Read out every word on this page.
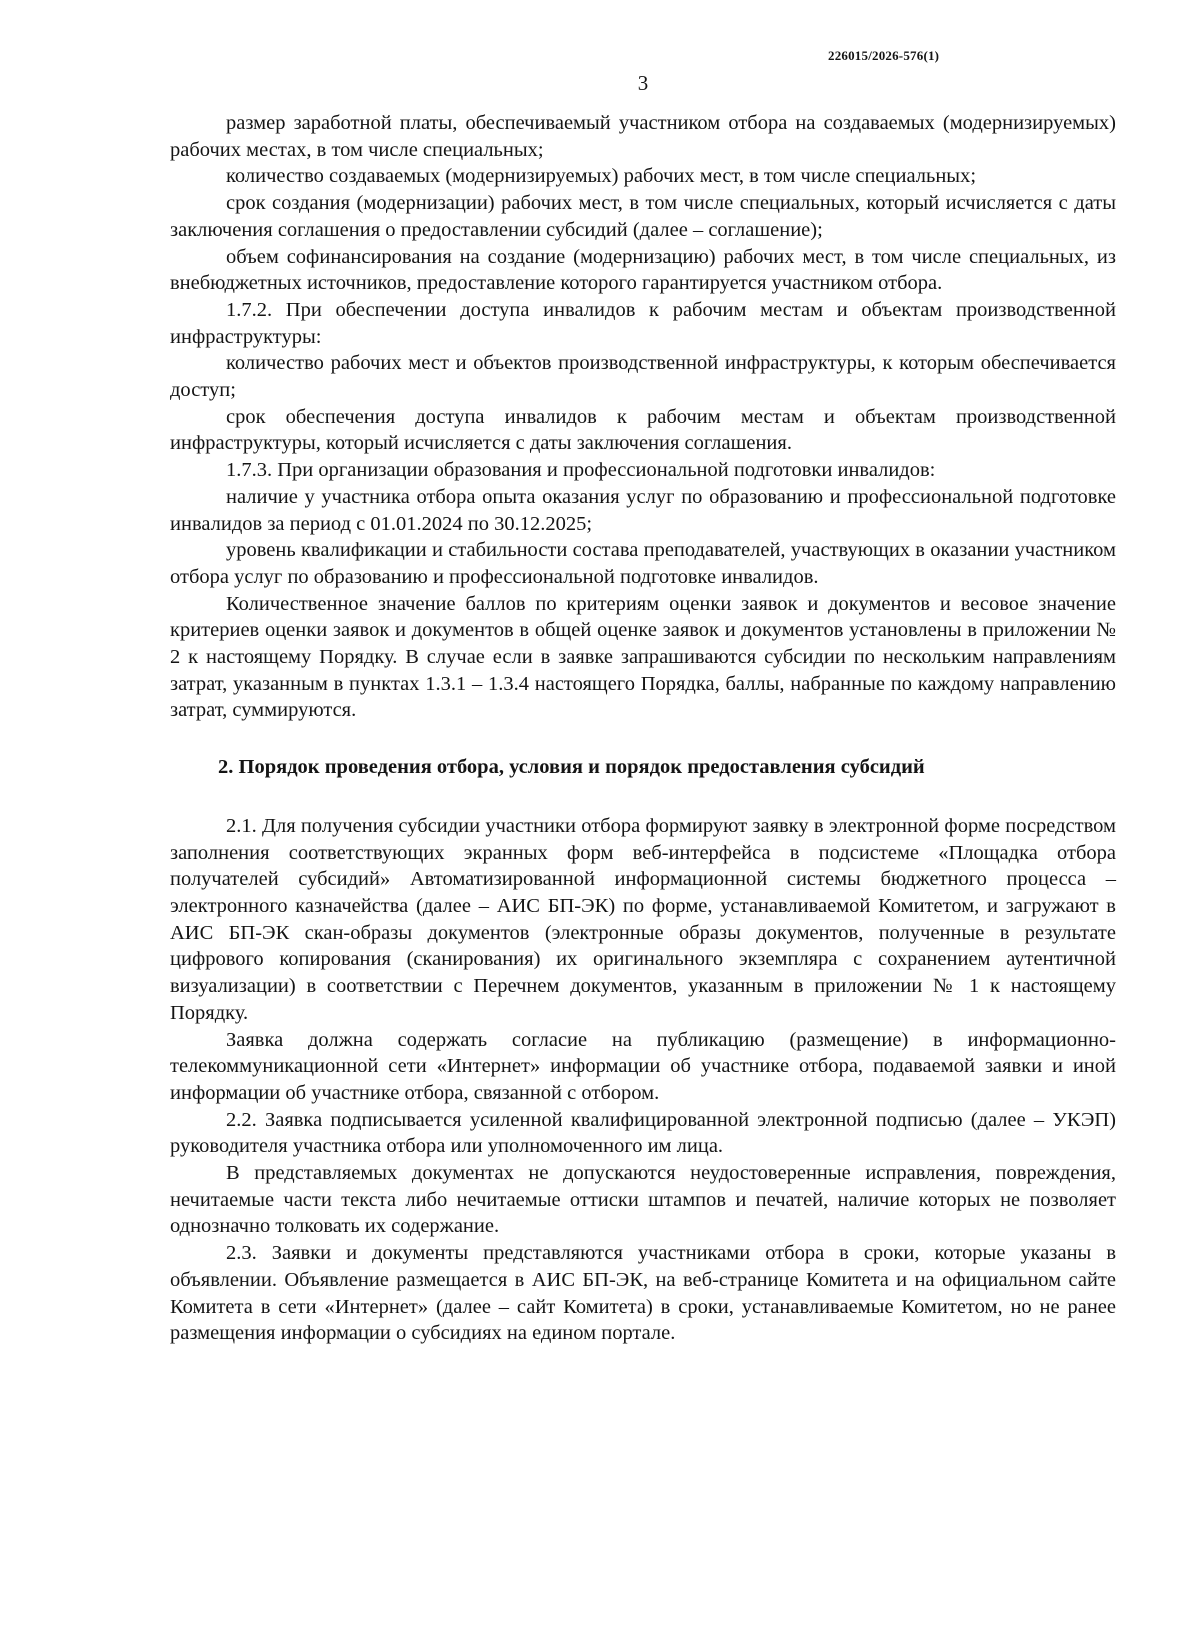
226015/2026-576(1)
3

размер заработной платы, обеспечиваемый участником отбора на создаваемых (модернизируемых) рабочих местах, в том числе специальных;

количество создаваемых (модернизируемых) рабочих мест, в том числе специальных;

срок создания (модернизации) рабочих мест, в том числе специальных, который исчисляется с даты заключения соглашения о предоставлении субсидий (далее – соглашение);

объем софинансирования на создание (модернизацию) рабочих мест, в том числе специальных, из внебюджетных источников, предоставление которого гарантируется участником отбора.

1.7.2. При обеспечении доступа инвалидов к рабочим местам и объектам производственной инфраструктуры:

количество рабочих мест и объектов производственной инфраструктуры, к которым обеспечивается доступ;

срок обеспечения доступа инвалидов к рабочим местам и объектам производственной инфраструктуры, который исчисляется с даты заключения соглашения.

1.7.3. При организации образования и профессиональной подготовки инвалидов:

наличие у участника отбора опыта оказания услуг по образованию и профессиональной подготовке инвалидов за период с 01.01.2024 по 30.12.2025;

уровень квалификации и стабильности состава преподавателей, участвующих в оказании участником отбора услуг по образованию и профессиональной подготовке инвалидов.

Количественное значение баллов по критериям оценки заявок и документов и весовое значение критериев оценки заявок и документов в общей оценке заявок и документов установлены в приложении № 2 к настоящему Порядку. В случае если в заявке запрашиваются субсидии по нескольким направлениям затрат, указанным в пунктах 1.3.1 – 1.3.4 настоящего Порядка, баллы, набранные по каждому направлению затрат, суммируются.

2. Порядок проведения отбора, условия и порядок предоставления субсидий

2.1. Для получения субсидии участники отбора формируют заявку в электронной форме посредством заполнения соответствующих экранных форм веб-интерфейса в подсистеме «Площадка отбора получателей субсидий» Автоматизированной информационной системы бюджетного процесса – электронного казначейства (далее – АИС БП-ЭК) по форме, устанавливаемой Комитетом, и загружают в АИС БП-ЭК скан-образы документов (электронные образы документов, полученные в результате цифрового копирования (сканирования) их оригинального экземпляра с сохранением аутентичной визуализации) в соответствии с Перечнем документов, указанным в приложении № 1 к настоящему Порядку.

Заявка должна содержать согласие на публикацию (размещение) в информационно-телекоммуникационной сети «Интернет» информации об участнике отбора, подаваемой заявки и иной информации об участнике отбора, связанной с отбором.

2.2. Заявка подписывается усиленной квалифицированной электронной подписью (далее – УКЭП) руководителя участника отбора или уполномоченного им лица.

В представляемых документах не допускаются неудостоверенные исправления, повреждения, нечитаемые части текста либо нечитаемые оттиски штампов и печатей, наличие которых не позволяет однозначно толковать их содержание.

2.3. Заявки и документы представляются участниками отбора в сроки, которые указаны в объявлении. Объявление размещается в АИС БП-ЭК, на веб-странице Комитета и на официальном сайте Комитета в сети «Интернет» (далее – сайт Комитета) в сроки, устанавливаемые Комитетом, но не ранее размещения информации о субсидиях на едином портале.
